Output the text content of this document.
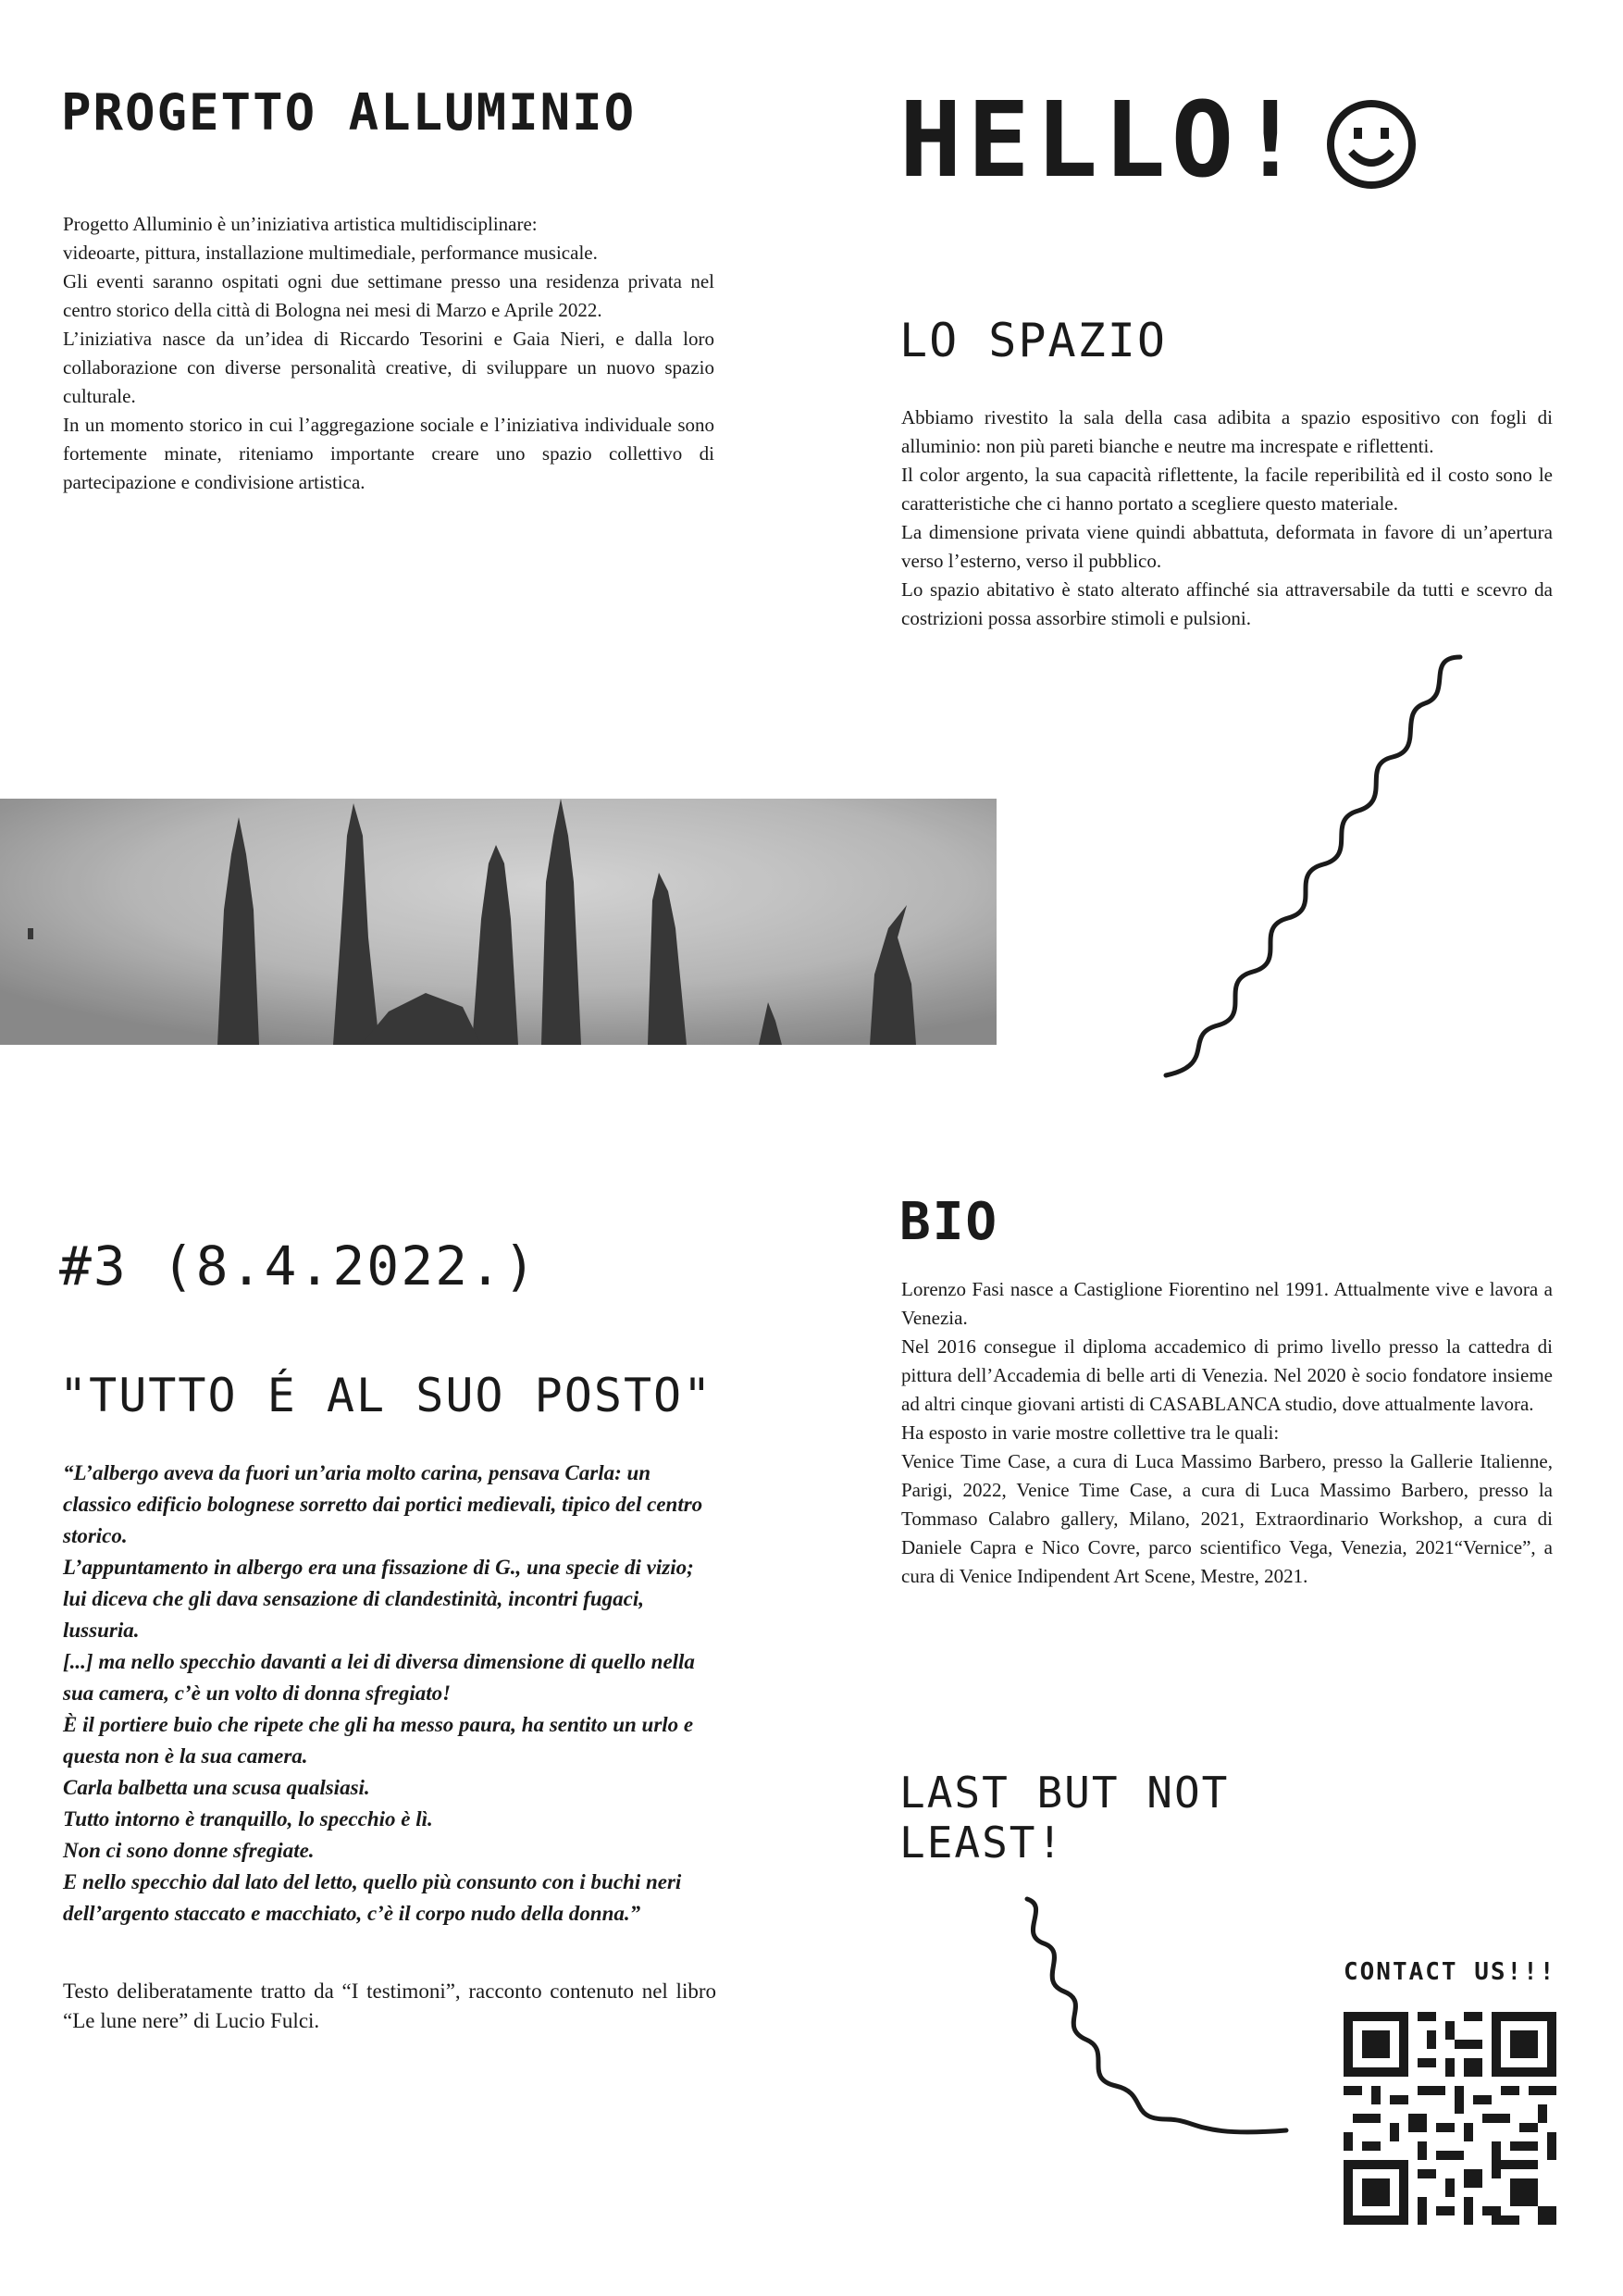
PROGETTO ALLUMINIO

Progetto Alluminio è un’iniziativa artistica multidisciplinare:

videoarte, pittura, installazione multimediale, performance musicale.

Gli eventi saranno ospitati ogni due settimane presso una residenza privata nel centro storico della città di Bologna nei mesi di Marzo e Aprile 2022.

L’iniziativa nasce da un’idea di Riccardo Tesorini e Gaia Nieri, e dalla loro collaborazione con diverse personalità creative, di sviluppare un nuovo spazio culturale.

In un momento storico in cui l’aggregazione sociale e l’iniziativa individuale sono fortemente minate, riteniamo importante creare uno spazio collettivo di partecipazione e condivisione artistica.

HELLO!
LO SPAZIO

Abbiamo rivestito la sala della casa adibita a spazio espositivo con fogli di alluminio: non più pareti bianche e neutre ma increspate e riflettenti.

Il color argento, la sua capacità riflettente, la facile reperibilità ed il costo sono le caratteristiche che ci hanno portato a scegliere questo materiale.

La dimensione privata viene quindi abbattuta, deformata in favore di un’apertura verso l’esterno, verso il pubblico.

Lo spazio abitativo è stato alterato affinché sia attraversabile da tutti e scevro da costrizioni possa assorbire stimoli e pulsioni.

#3 (8.4.2022.)
"TUTTO É AL SUO POSTO"

“L’albergo aveva da fuori un’aria molto carina, pensava Carla: un classico edificio bolognese sorretto dai portici medievali, tipico del centro storico.

L’appuntamento in albergo era una fissazione di G., una specie di vizio; lui diceva che gli dava sensazione di clandestinità, incontri fugaci, lussuria.

[...] ma nello specchio davanti a lei di diversa dimensione di quello nella sua camera, c’è un volto di donna sfregiato!

È il portiere buio che ripete che gli ha messo paura, ha sentito un urlo e questa non è la sua camera.

Carla balbetta una scusa qualsiasi.

Tutto intorno è tranquillo, lo specchio è lì.

Non ci sono donne sfregiate.

E nello specchio dal lato del letto, quello più consunto con i buchi neri dell’argento staccato e macchiato, c’è il corpo nudo della donna.”

Testo deliberatamente tratto da “I testimoni”, racconto contenuto nel libro “Le lune nere” di Lucio Fulci.
BIO

Lorenzo Fasi nasce a Castiglione Fiorentino nel 1991. Attualmente vive e lavora a Venezia.

Nel 2016 consegue il diploma accademico di primo livello presso la cattedra di pittura dell’Accademia di belle arti di Venezia. Nel 2020 è socio fondatore insieme ad altri cinque giovani artisti di CASABLANCA studio, dove attualmente lavora.

Ha esposto in varie mostre collettive tra le quali:

Venice Time Case, a cura di Luca Massimo Barbero, presso la Gallerie Italienne, Parigi, 2022, Venice Time Case, a cura di Luca Massimo Barbero, presso la Tommaso Calabro gallery, Milano, 2021, Extraordinario Workshop, a cura di Daniele Capra e Nico Covre, parco scientifico Vega, Venezia, 2021“Vernice”, a cura di Venice Indipendent Art Scene, Mestre, 2021.

LAST BUT NOT
LEAST!
CONTACT US!!!
